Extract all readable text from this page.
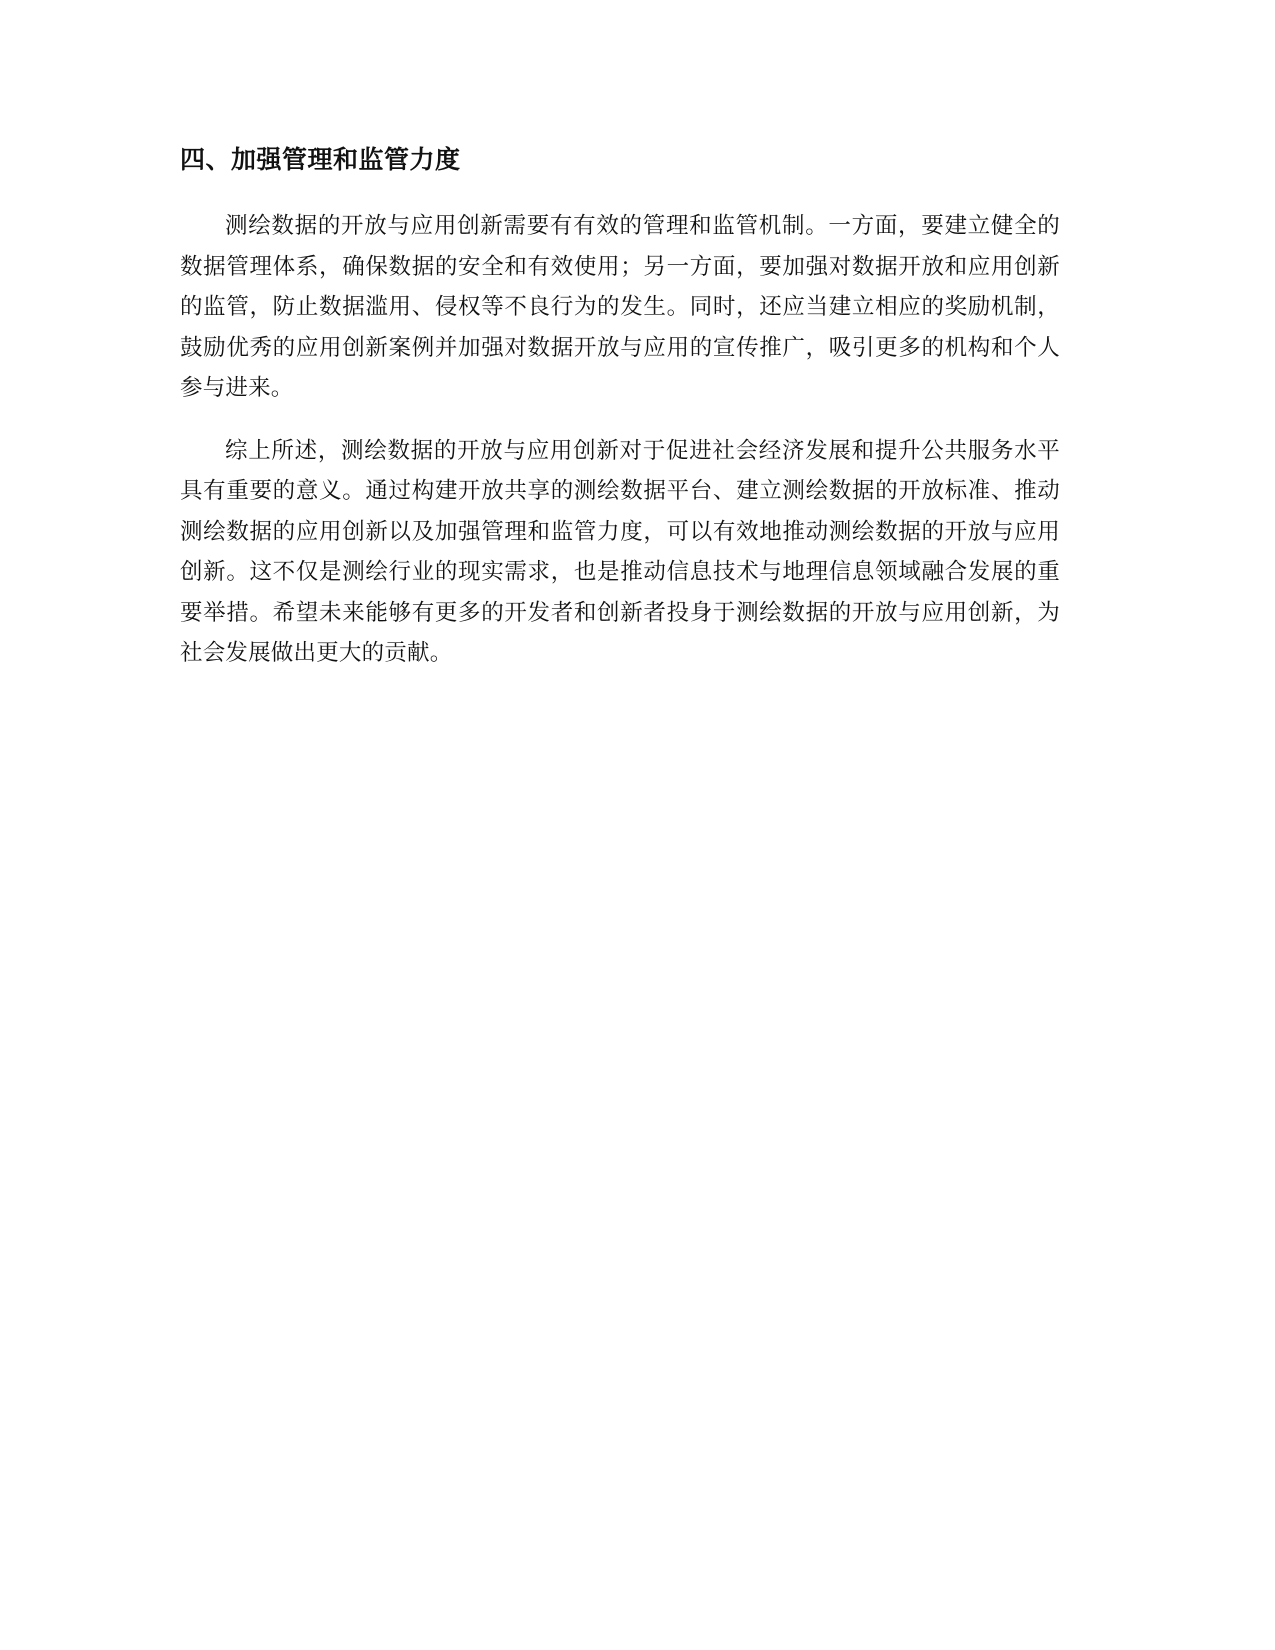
四、加强管理和监管力度

测绘数据的开放与应用创新需要有有效的管理和监管机制。一方面，要建立健全的数据管理体系，确保数据的安全和有效使用；另一方面，要加强对数据开放和应用创新的监管，防止数据滥用、侵权等不良行为的发生。同时，还应当建立相应的奖励机制，鼓励优秀的应用创新案例并加强对数据开放与应用的宣传推广，吸引更多的机构和个人参与进来。

综上所述，测绘数据的开放与应用创新对于促进社会经济发展和提升公共服务水平具有重要的意义。通过构建开放共享的测绘数据平台、建立测绘数据的开放标准、推动测绘数据的应用创新以及加强管理和监管力度，可以有效地推动测绘数据的开放与应用创新。这不仅是测绘行业的现实需求，也是推动信息技术与地理信息领域融合发展的重要举措。希望未来能够有更多的开发者和创新者投身于测绘数据的开放与应用创新，为社会发展做出更大的贡献。
